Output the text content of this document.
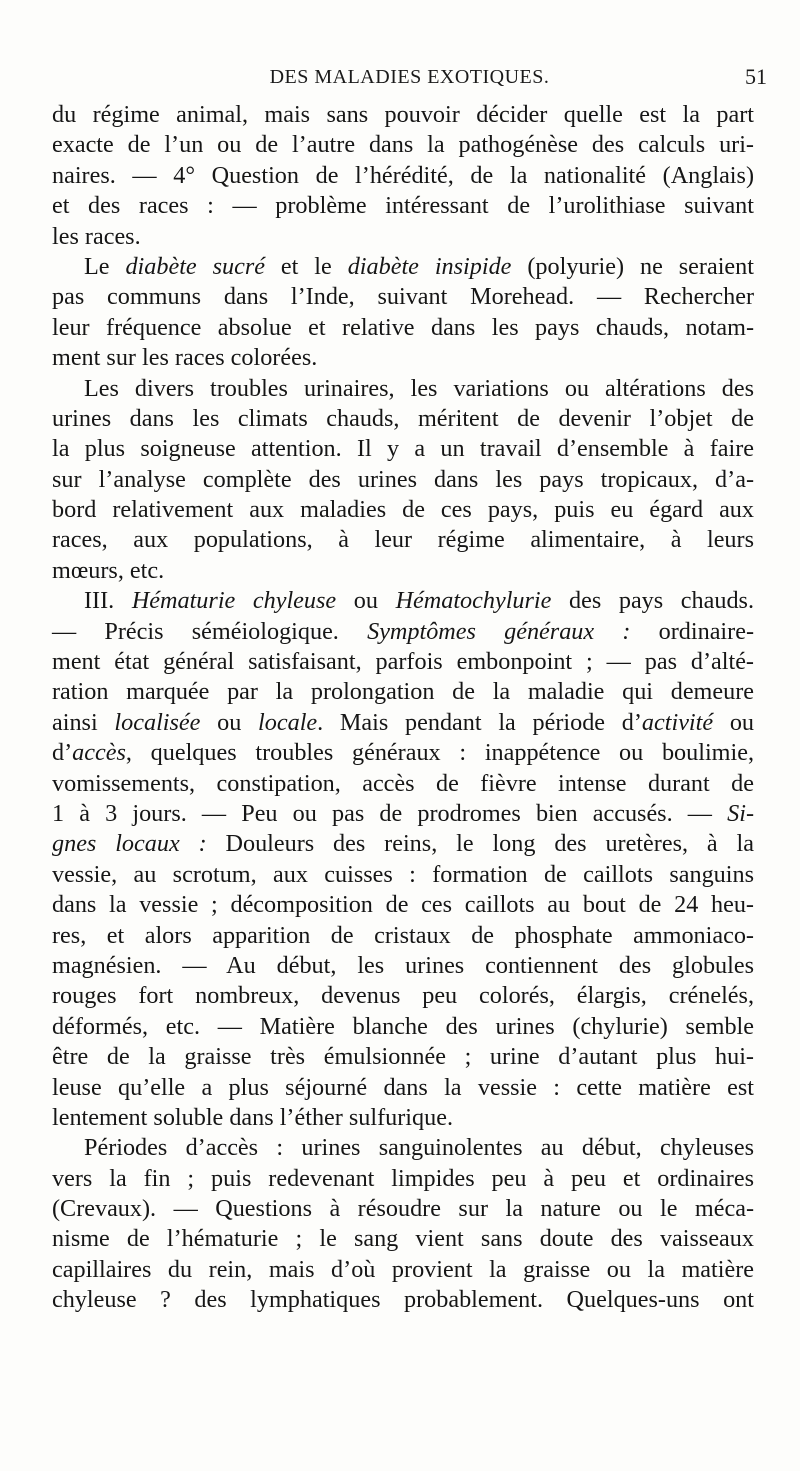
DES MALADIES EXOTIQUES.	51
du régime animal, mais sans pouvoir décider quelle est la part
exacte de l’un ou de l’autre dans la pathogénèse des calculs uri-
naires. — 4° Question de l’hérédité, de la nationalité (Anglais)
et des races : — problème intéressant de l’urolithiase suivant
les races.
Le diabète sucré et le diabète insipide (polyurie) ne seraient
pas communs dans l’Inde, suivant Morehead. — Rechercher
leur fréquence absolue et relative dans les pays chauds, notam-
ment sur les races colorées.
Les divers troubles urinaires, les variations ou altérations des
urines dans les climats chauds, méritent de devenir l’objet de
la plus soigneuse attention. Il y a un travail d’ensemble à faire
sur l’analyse complète des urines dans les pays tropicaux, d’a-
bord relativement aux maladies de ces pays, puis eu égard aux
races, aux populations, à leur régime alimentaire, à leurs
mœurs, etc.
III. Hématurie chyleuse ou Hématochylurie des pays chauds.
— Précis séméiologique. Symptômes généraux : ordinaire-
ment état général satisfaisant, parfois embonpoint ; — pas d’alté-
ration marquée par la prolongation de la maladie qui demeure
ainsi localisée ou locale. Mais pendant la période d’activité ou
d’accès, quelques troubles généraux : inappétence ou boulimie,
vomissements, constipation, accès de fièvre intense durant de
1 à 3 jours. — Peu ou pas de prodromes bien accusés. — Si-
gnes locaux : Douleurs des reins, le long des uretères, à la
vessie, au scrotum, aux cuisses : formation de caillots sanguins
dans la vessie ; décomposition de ces caillots au bout de 24 heu-
res, et alors apparition de cristaux de phosphate ammoniaco-
magnésien. — Au début, les urines contiennent des globules
rouges fort nombreux, devenus peu colorés, élargis, crénelés,
déformés, etc. — Matière blanche des urines (chylurie) semble
être de la graisse très émulsionnée ; urine d’autant plus hui-
leuse qu’elle a plus séjourné dans la vessie : cette matière est
lentement soluble dans l’éther sulfurique.
Périodes d’accès : urines sanguinolentes au début, chyleuses
vers la fin ; puis redevenant limpides peu à peu et ordinaires
(Crevaux). — Questions à résoudre sur la nature ou le méca-
nisme de l’hématurie ; le sang vient sans doute des vaisseaux
capillaires du rein, mais d’où provient la graisse ou la matière
chyleuse ? des lymphatiques probablement. Quelques-uns ont
